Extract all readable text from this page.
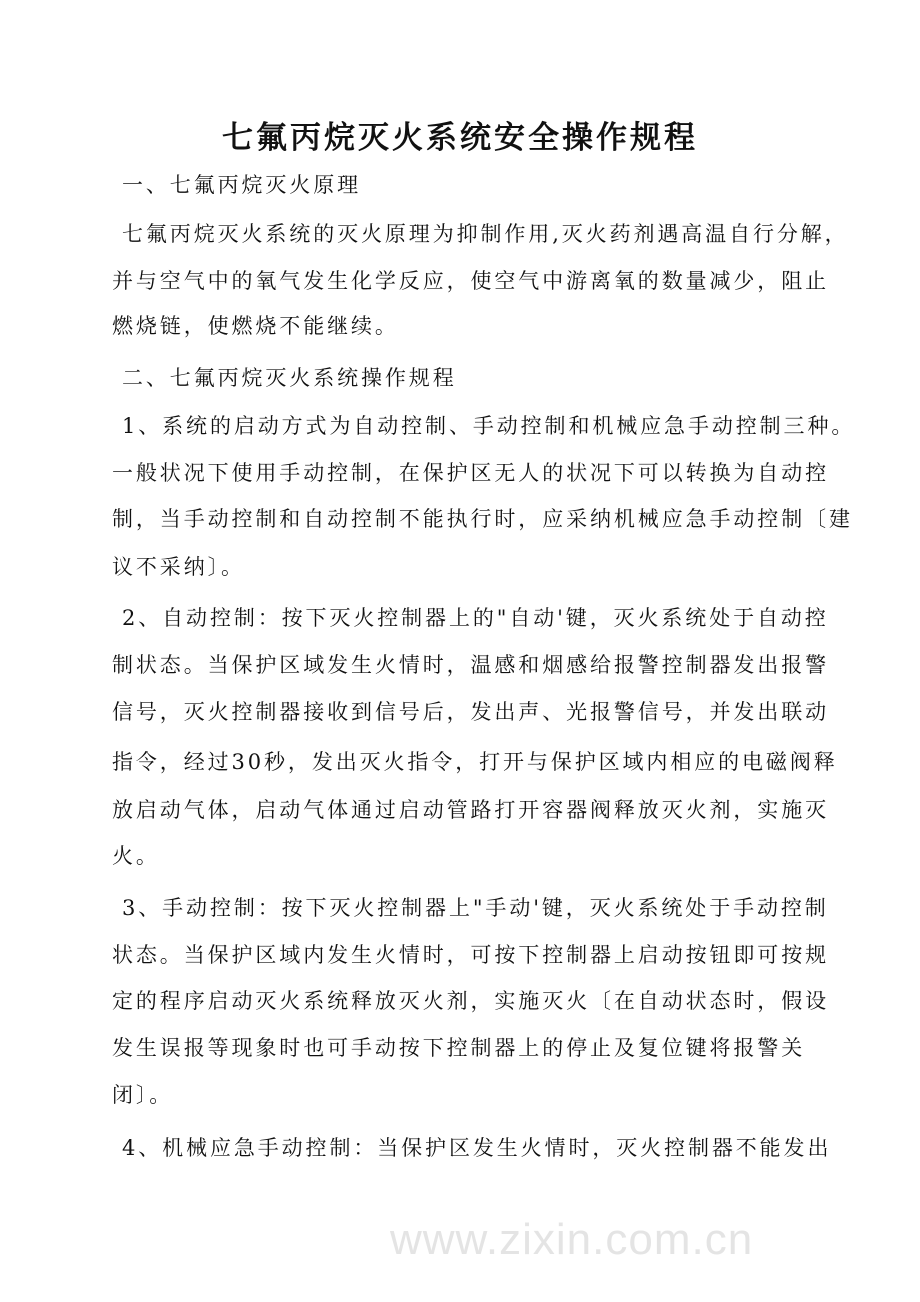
七氟丙烷灭火系统安全操作规程
一、七氟丙烷灭火原理
七氟丙烷灭火系统的灭火原理为抑制作用,灭火药剂遇高温自行分解，
并与空气中的氧气发生化学反应，使空气中游离氧的数量减少，阻止
燃烧链，使燃烧不能继续。
二、七氟丙烷灭火系统操作规程
1、系统的启动方式为自动控制、手动控制和机械应急手动控制三种。
一般状况下使用手动控制，在保护区无人的状况下可以转换为自动控
制，当手动控制和自动控制不能执行时，应采纳机械应急手动控制〔建
议不采纳〕。
2、自动控制：按下灭火控制器上的"自动'键，灭火系统处于自动控
制状态。当保护区域发生火情时，温感和烟感给报警控制器发出报警
信号，灭火控制器接收到信号后，发出声、光报警信号，并发出联动
指令，经过30秒，发出灭火指令，打开与保护区域内相应的电磁阀释
放启动气体，启动气体通过启动管路打开容器阀释放灭火剂，实施灭
火。
3、手动控制：按下灭火控制器上"手动'键，灭火系统处于手动控制
状态。当保护区域内发生火情时，可按下控制器上启动按钮即可按规
定的程序启动灭火系统释放灭火剂，实施灭火〔在自动状态时，假设
发生误报等现象时也可手动按下控制器上的停止及复位键将报警关
闭〕。
4、机械应急手动控制：当保护区发生火情时，灭火控制器不能发出
www.zixin.com.cn
